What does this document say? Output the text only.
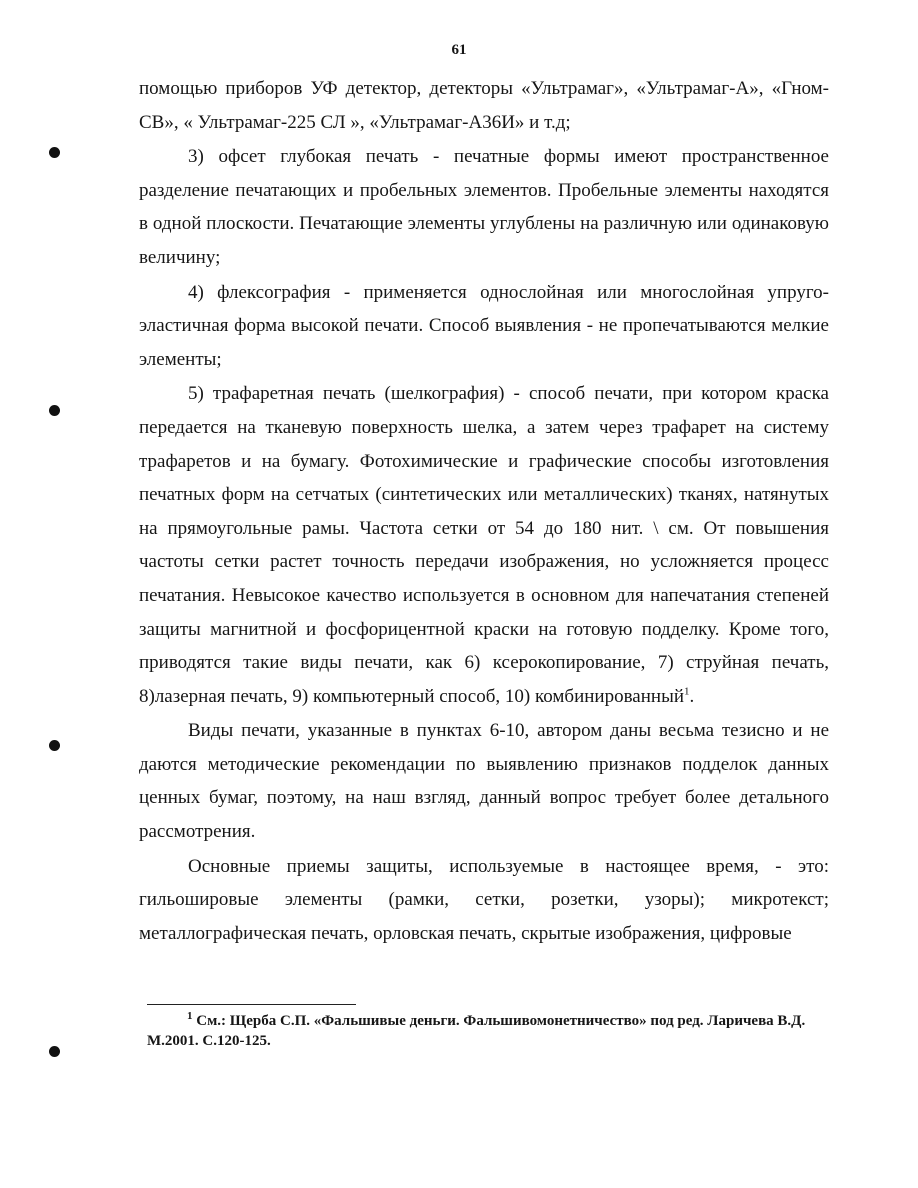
61

помощью приборов УФ детектор, детекторы «Ультрамаг», «Ультрамаг-А», «Гном-СВ», « Ультрамаг-225 СЛ », «Ультрамаг-А36И» и т.д;

3) офсет глубокая печать - печатные формы имеют пространственное разделение печатающих и пробельных элементов. Пробельные элементы находятся в одной плоскости. Печатающие элементы углублены на различную или одинаковую величину;

4) флексография - применяется однослойная или многослойная упруго- эластичная форма высокой печати. Способ выявления - не пропечатываются мелкие элементы;

5) трафаретная печать (шелкография) - способ печати, при котором краска передается на тканевую поверхность шелка, а затем через трафарет на систему трафаретов и на бумагу. Фотохимические и графические способы изготовления печатных форм на сетчатых (синтетических или металлических) тканях, натянутых на прямоугольные рамы. Частота сетки от 54 до 180 нит. \ см. От повышения частоты сетки растет точность передачи изображения, но усложняется процесс печатания. Невысокое качество используется в основном для напечатания степеней защиты магнитной и фосфорицентной краски на готовую подделку. Кроме того, приводятся такие виды печати, как 6) ксерокопирование, 7) струйная печать, 8)лазерная печать, 9) компьютерный способ, 10) комбинированный$^1$.

Виды печати, указанные в пунктах 6-10, автором даны весьма тезисно и не даются методические рекомендации по выявлению признаков подделок данных ценных бумаг, поэтому, на наш взгляд, данный вопрос требует более детального рассмотрения.

Основные приемы защиты, используемые в настоящее время, - это: гильошировые элементы (рамки, сетки, розетки, узоры); микротекст; металлографическая печать, орловская печать, скрытые изображения, цифровые

$^1$ См.: Щерба С.П. «Фальшивые деньги. Фальшивомонетничество» под ред. Ларичева В.Д. М.2001. С.120-125.
